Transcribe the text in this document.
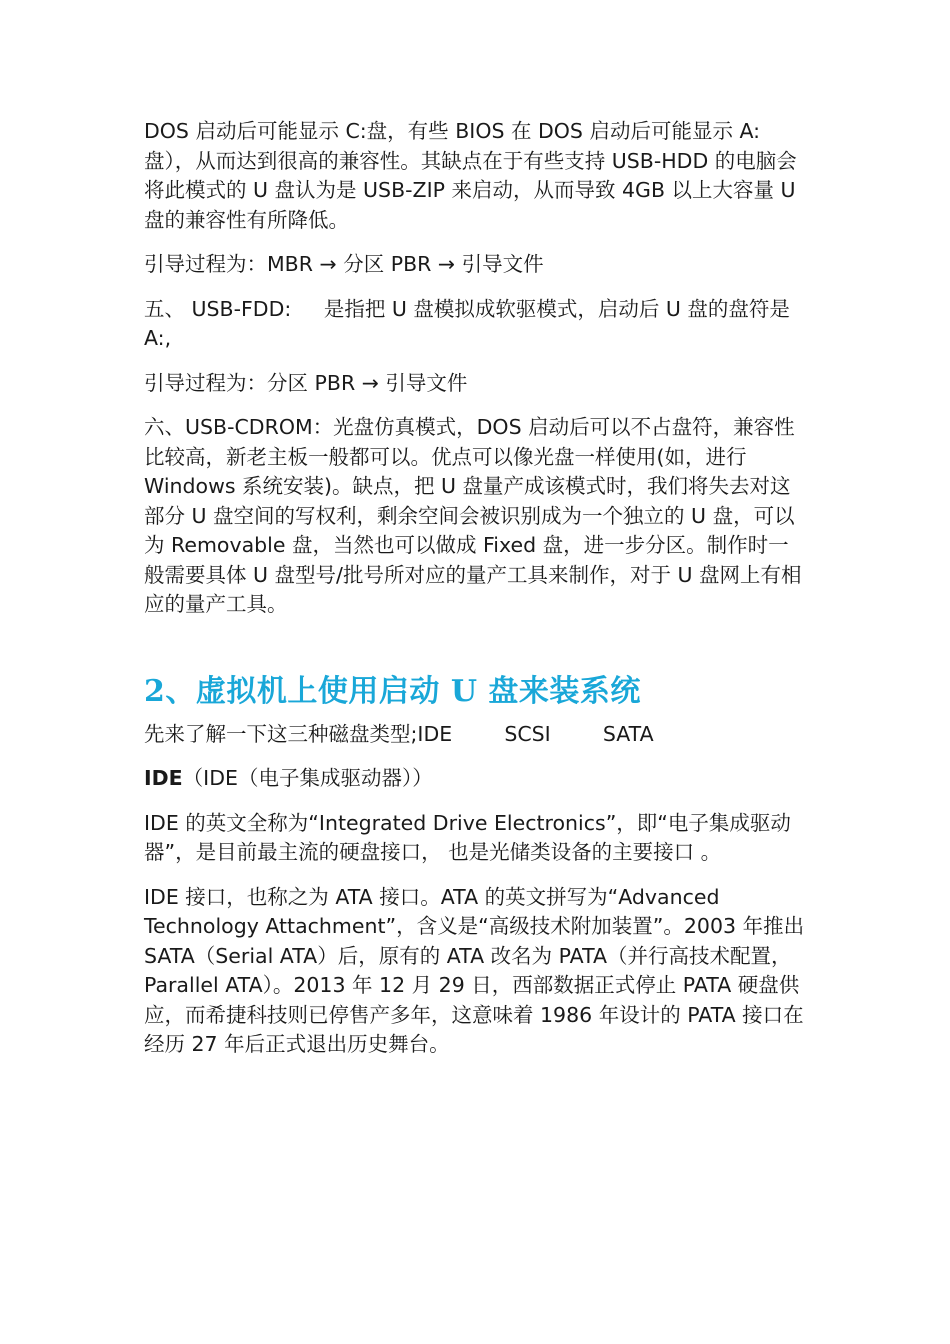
DOS 启动后可能显示 C:盘，有些 BIOS 在 DOS 启动后可能显示 A:盘），从而达到很高的兼容性。其缺点在于有些支持 USB-HDD 的电脑会将此模式的 U 盘认为是 USB-ZIP 来启动，从而导致 4GB 以上大容量 U 盘的兼容性有所降低。

引导过程为：MBR → 分区 PBR → 引导文件

五、 USB-FDD:     是指把 U 盘模拟成软驱模式，启动后 U 盘的盘符是 A:,

引导过程为：分区 PBR → 引导文件

六、USB-CDROM：光盘仿真模式，DOS 启动后可以不占盘符，兼容性比较高，新老主板一般都可以。优点可以像光盘一样使用(如，进行 Windows 系统安装)。缺点，把 U 盘量产成该模式时，我们将失去对这部分 U 盘空间的写权利，剩余空间会被识别成为一个独立的 U 盘，可以为 Removable 盘，当然也可以做成 Fixed 盘，进一步分区。制作时一般需要具体 U 盘型号/批号所对应的量产工具来制作，对于 U 盘网上有相应的量产工具。

2、虚拟机上使用启动 U 盘来装系统

先来了解一下这三种磁盘类型;IDE        SCSI        SATA

IDE（IDE（电子集成驱动器））

IDE 的英文全称为“Integrated Drive Electronics”，即“电子集成驱动器”，是目前最主流的硬盘接口， 也是光储类设备的主要接口 。

IDE 接口，也称之为 ATA 接口。ATA 的英文拼写为“Advanced Technology Attachment”，含义是“高级技术附加装置”。2003 年推出 SATA（Serial ATA）后，原有的 ATA 改名为 PATA（并行高技术配置，Parallel ATA）。2013 年 12 月 29 日，西部数据正式停止 PATA 硬盘供应，而希捷科技则已停售产多年，这意味着 1986 年设计的 PATA 接口在经历 27 年后正式退出历史舞台。
